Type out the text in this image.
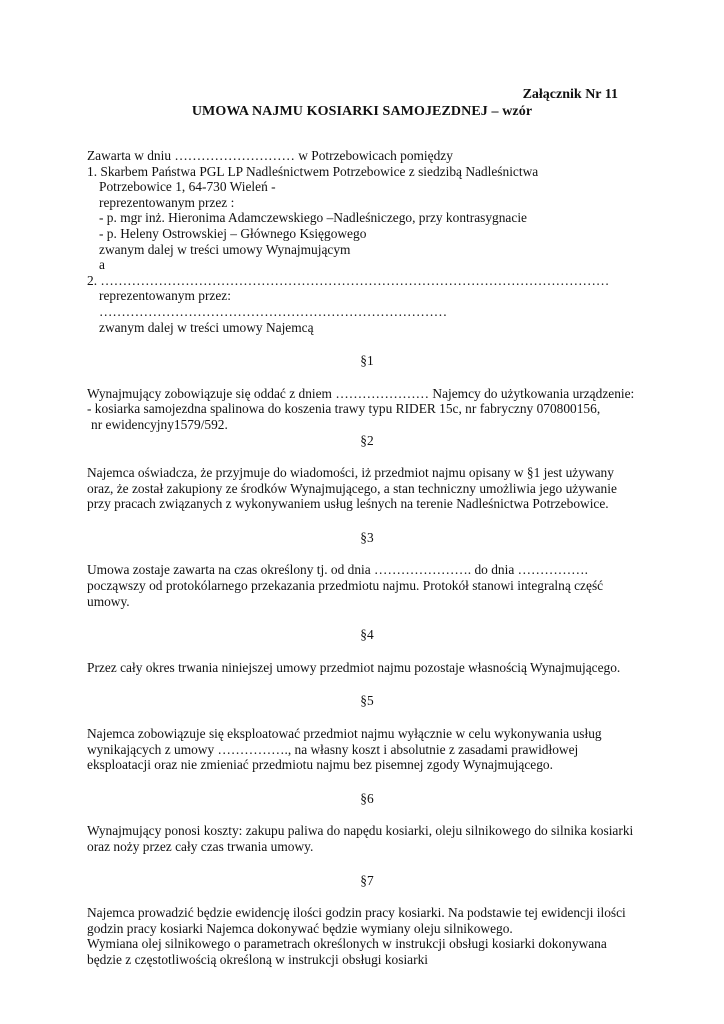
Załącznik Nr 11
UMOWA NAJMU KOSIARKI SAMOJEZDNEJ – wzór
Zawarta w dniu ……………………… w Potrzebowicach pomiędzy
1. Skarbem Państwa PGL LP Nadleśnictwem Potrzebowice z siedzibą Nadleśnictwa
Potrzebowice 1, 64-730 Wieleń -
reprezentowanym przez :
- p. mgr inż. Hieronima Adamczewskiego –Nadleśniczego, przy kontrasygnacie
- p. Heleny Ostrowskiej – Głównego Księgowego
zwanym dalej w treści umowy Wynajmującym
a
2. ……………………………………………………………………………………………………
reprezentowanym przez:
……………………………………………………………………
zwanym dalej w treści umowy Najemcą
§1
Wynajmujący zobowiązuje się oddać z dniem ………………… Najemcy do użytkowania urządzenie:
- kosiarka samojezdna spalinowa do koszenia trawy typu RIDER 15c, nr fabryczny 070800156,
nr ewidencyjny1579/592.
§2
Najemca oświadcza, że przyjmuje do wiadomości, iż przedmiot najmu opisany w §1 jest używany
oraz, że został zakupiony ze środków Wynajmującego, a stan techniczny umożliwia jego używanie
przy pracach związanych z wykonywaniem usług leśnych na terenie Nadleśnictwa Potrzebowice.
§3
Umowa zostaje zawarta na czas określony tj. od dnia …………………. do dnia …………….
począwszy od protokólarnego przekazania przedmiotu najmu. Protokół stanowi integralną część
umowy.
§4
Przez cały okres trwania niniejszej umowy przedmiot najmu pozostaje własnością Wynajmującego.
§5
Najemca zobowiązuje się eksploatować przedmiot najmu wyłącznie w celu wykonywania usług
wynikających z umowy ……………., na własny koszt i absolutnie z zasadami prawidłowej
eksploatacji oraz nie zmieniać przedmiotu najmu bez pisemnej zgody Wynajmującego.
§6
Wynajmujący ponosi koszty: zakupu paliwa do napędu kosiarki, oleju silnikowego do silnika kosiarki
oraz noży przez cały czas trwania umowy.
§7
Najemca prowadzić będzie ewidencję ilości godzin pracy kosiarki. Na podstawie tej ewidencji ilości
godzin pracy kosiarki Najemca dokonywać będzie wymiany oleju silnikowego.
Wymiana olej silnikowego o parametrach określonych w instrukcji obsługi kosiarki dokonywana
będzie z częstotliwością określoną w instrukcji obsługi kosiarki
